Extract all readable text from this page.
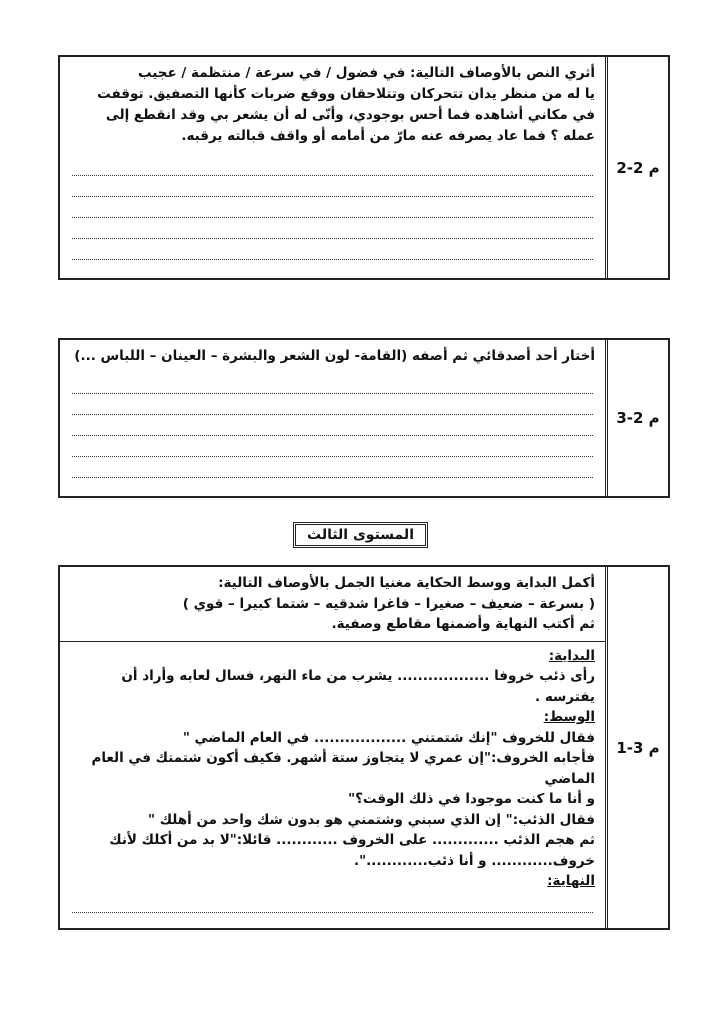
أثري النص بالأوصاف التالية: في فضول / في سرعة / منتظمة / عجيب
يا له من منظر يدان تتحركان وتتلاحقان ووقع ضربات كأنها التصفيق. توقفت في مكاني أشاهده فما أحس بوجودي، وأنّى له أن يشعر بي وقد انقطع إلى عمله ؟ فما عاد يصرفه عنه مارّ من أمامه أو واقف قبالته يرقبه.
م 2-2
أختار أحد أصدقائي ثم أصفه (القامة- لون الشعر والبشرة – العينان – اللباس ...)
م 2-3
المستوى الثالث
أكمل البداية ووسط الحكاية مغنيا الجمل بالأوصاف التالية:
( بسرعة – ضعيف – صغيرا – فاغرا شدقيه – شتما كبيرا – قوي )
ثم أكتب النهاية وأضمنها مقاطع وصفية.
البداية:
رأى ذئب خروفا .................. يشرب من ماء النهر، فسال لعابه وأراد أن يفترسه .
الوسط:
فقال للخروف "إنك شتمتني .................. في العام الماضي "
فأجابه الخروف:"إن عمري لا يتجاوز ستة أشهر. فكيف أكون شتمتك في العام الماضي
و أنا ما كنت موجودا في ذلك الوقت؟"
فقال الذئب:" إن الذي سبني وشتمني هو بدون شك واحد من أهلك "
ثم هجم الذئب ............. على الخروف ............ قائلا:"لا بد من أكلك لأنك
خروف............ و أنا ذئب............".
النهاية:
م 3-1
